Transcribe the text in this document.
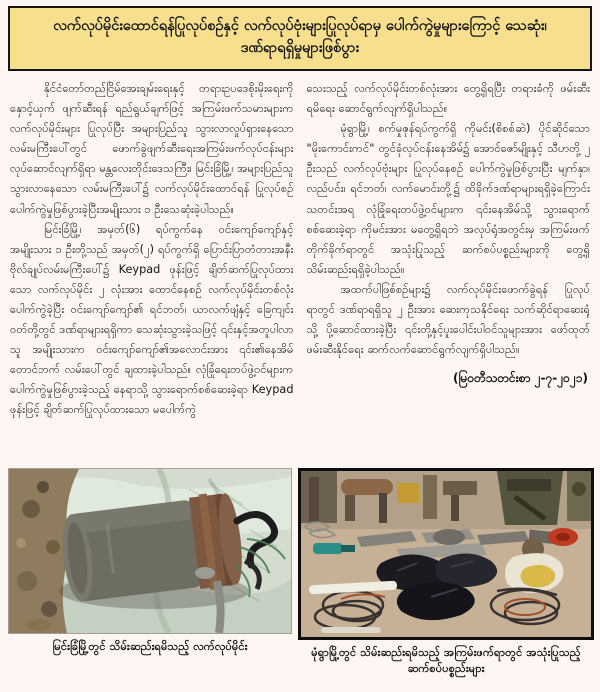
လက်လုပ်မိုင်းထောင်ရန်ပြုလုပ်စဉ်နှင့် လက်လုပ်ဗုံးများပြုလုပ်ရာမှ ပေါက်ကွဲမှုများကြောင့် သေဆုံး၊ ဒဏ်ရာရရှိမှုများဖြစ်ပွား

နိုင်ငံတော်တည်ငြိမ်အေးချမ်းရေးနှင့် တရားဥပဒေစိုးမိုးရေးကို နှောင့်ယှက် ဖျက်ဆီးရန် ရည်ရွယ်ချက်ဖြင့် အကြမ်းဖက်သမားများက လက်လုပ်မိုင်းများ ပြုလုပ်ပြီး အများပြည်သူ သွားလာလှုပ်ရှားနေသော လမ်းမကြီးပေါ်တွင် ဖောက်ခွဲဖျက်ဆီးရေးအကြမ်းဖက်လုပ်ငန်းများ လုပ်ဆောင်လျက်ရှိရာ မန္တလေးတိုင်းဒေသကြီး၊ မြင်းခြံမြို့၊ အများပြည်သူသွားလာနေသော လမ်းမကြီးပေါ်၌ လက်လုပ်မိုင်းထောင်ရန် ပြုလုပ်စဉ် ပေါက်ကွဲမှုဖြစ်ပွားခဲ့ပြီးအမျိုးသား ၁ ဦးသေဆုံးခဲ့ပါသည်။

မြင်းခြံမြို့၊ အမှတ်(၆) ရပ်ကွက်နေ ဝင်းကျော်ကျော်နှင့် အမျိုးသား ၁ ဦးတို့သည် အမှတ်(၂) ရပ်ကွက်ရှိ ပြောင်းပြာတံတားအနီး ဗိုလ်ချုပ်လမ်းမကြီးပေါ်၌ Keypad ဖုန်းဖြင့် ချိတ်ဆက်ပြုလုပ်ထားသော လက်လုပ်မိုင်း ၂ လုံးအား ထောင်နေစဉ် လက်လုပ်မိုင်းတစ်လုံးပေါက်ကွဲခဲ့ပြီး ဝင်းကျော်ကျော်၏ ရင်ဘတ်၊ ယာလက်ဖျံနှင့် ခြေကျင်းဝတ်တို့တွင် ဒဏ်ရာများရရှိကာ သေဆုံးသွားခဲ့သဖြင့် ၎င်းနှင့်အတူပါလာသူ အမျိုးသားက ဝင်းကျော်ကျော်၏အလောင်းအား ၎င်း၏နေအိမ်တောင်ဘက် လမ်းပေါ်တွင် ချထားခဲ့ပါသည်။ လုံခြုံရေးတပ်ဖွဲ့ဝင်များက ပေါက်ကွဲမှုဖြစ်ပွားခဲ့သည့် နေရာသို့ သွားရောက်စစ်ဆေးခဲ့ရာ Keypad ဖုန်းဖြင့် ချိတ်ဆက်ပြုလုပ်ထားသော မပေါက်ကွဲ

သေးသည့် လက်လုပ်မိုင်းတစ်လုံးအား တွေ့ရှိရပြီး တရားခံကို ဖမ်းဆီးရမိရေး ဆောင်ရွက်လျက်ရှိပါသည်။

မုံရွာမြို့၊ စက်မှုဇုန်ရပ်ကွက်ရှိ ကိုမင်း(စိစစ်ဆဲ) ပိုင်ဆိုင်သော "မိုးကောင်းကင်" တွင်ခုံလုပ်ငန်းနေအိမ်၌ အောင်ဇော်မျိုးနှင့် သီဟတို့ ၂ ဦးသည် လက်လုပ်ဗုံးများ ပြုလုပ်နေစဉ် ပေါက်ကွဲမှုဖြစ်ပွားပြီး မျက်နှာ၊ လည်ပင်း၊ ရင်ဘတ်၊ လက်မောင်းတို့၌ ထိခိုက်ဒဏ်ရာများရရှိခဲ့ကြောင်း သတင်းအရ လုံခြုံရေးတပ်ဖွဲ့ဝင်များက ၎င်းနေအိမ်သို့ သွားရောက်စစ်ဆေးခဲ့ရာ ကိုမင်းအား မတွေ့ရှိရဘဲ အလုပ်ရုံအတွင်းမှ အကြမ်းဖက်တိုက်ခိုက်ရာတွင် အသုံးပြုသည့် ဆက်စပ်ပစ္စည်းများကို တွေ့ရှိသိမ်းဆည်းရရှိခဲ့ပါသည်။

အထက်ပါဖြစ်စဉ်များ၌ လက်လုပ်မိုင်းဖောက်ခွဲရန် ပြုလုပ်ရာတွင် ဒဏ်ရာရရှိသူ ၂ ဦးအား ဆေးကုသနိုင်ရေး သက်ဆိုင်ရာဆေးရုံသို့ ပို့ဆောင်ထားခဲ့ပြီး ၎င်းတို့နှင့်ပူးပေါင်းပါဝင်သူများအား ဖော်ထုတ်ဖမ်းဆီးနိုင်ရေး ဆက်လက်ဆောင်ရွက်လျက်ရှိပါသည်။

(မြဝတီသတင်းစာ ၂-၇-၂၀၂၁)

မြင်းခြံမြို့တွင် သိမ်းဆည်းရမိသည့် လက်လုပ်မိုင်း	မုံရွာမြို့တွင် သိမ်းဆည်းရမိသည့် အကြမ်းဖက်ရာတွင် အသုံးပြုသည့် ဆက်စပ်ပစ္စည်းများ
